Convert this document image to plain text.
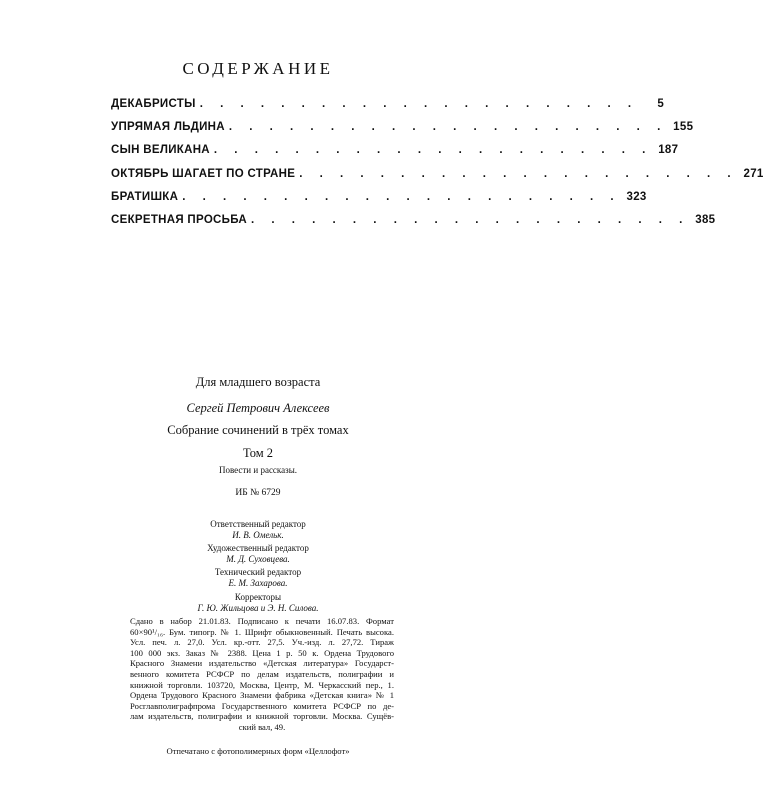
СОДЕРЖАНИЕ
ДЕКАБРИСТЫ . . . . . . . . . . . . . . . . . . . . . .	5
УПРЯМАЯ ЛЬДИНА . . . . . . . . . . . . . . . . . . . . . . 155
СЫН ВЕЛИКАНА . . . . . . . . . . . . . . . . . . . . . . 187
ОКТЯБРЬ ШАГАЕТ ПО СТРАНЕ . . . . . . . . . . . . . . . . . . . . . . 271
БРАТИШКА . . . . . . . . . . . . . . . . . . . . . . 323
СЕКРЕТНАЯ ПРОСЬБА . . . . . . . . . . . . . . . . . . . . . . 385
Для младшего возраста
Сергей Петрович Алексеев
Собрание сочинений в трёх томах
Том 2
Повести и рассказы.
ИБ № 6729
Ответственный редактор
И. В. Омельк.
Художественный редактор
М. Д. Суховцева.
Технический редактор
Е. М. Захарова.
Корректоры
Г. Ю. Жильцова и Э. Н. Силова.
Сдано в набор 21.01.83. Подписано к печати 16.07.83. Формат
60×90¹/₁₆. Бум. типогр. № 1. Шрифт обыкновенный. Печать высока.
Усл. печ. л. 27,0. Усл. кр.-отт. 27,5. Уч.-изд. л. 27,72. Тираж
100 000 экз. Заказ № 2388. Цена 1 р. 50 к. Ордена Трудового
Красного Знамени издательство «Детская литература» Государст-
венного комитета РСФСР по делам издательств, полиграфии и
книжной торговли. 103720, Москва, Центр, М. Черкасский пер., 1.
Ордена Трудового Красного Знамени фабрика «Детская книга» № 1
Росглавполиграфпрома Государственного комитета РСФСР по де-
лам издательств, полиграфии и книжной торговли. Москва. Сущёв-
ский вал, 49.
Отпечатано с фотополимерных форм «Целлофот»
